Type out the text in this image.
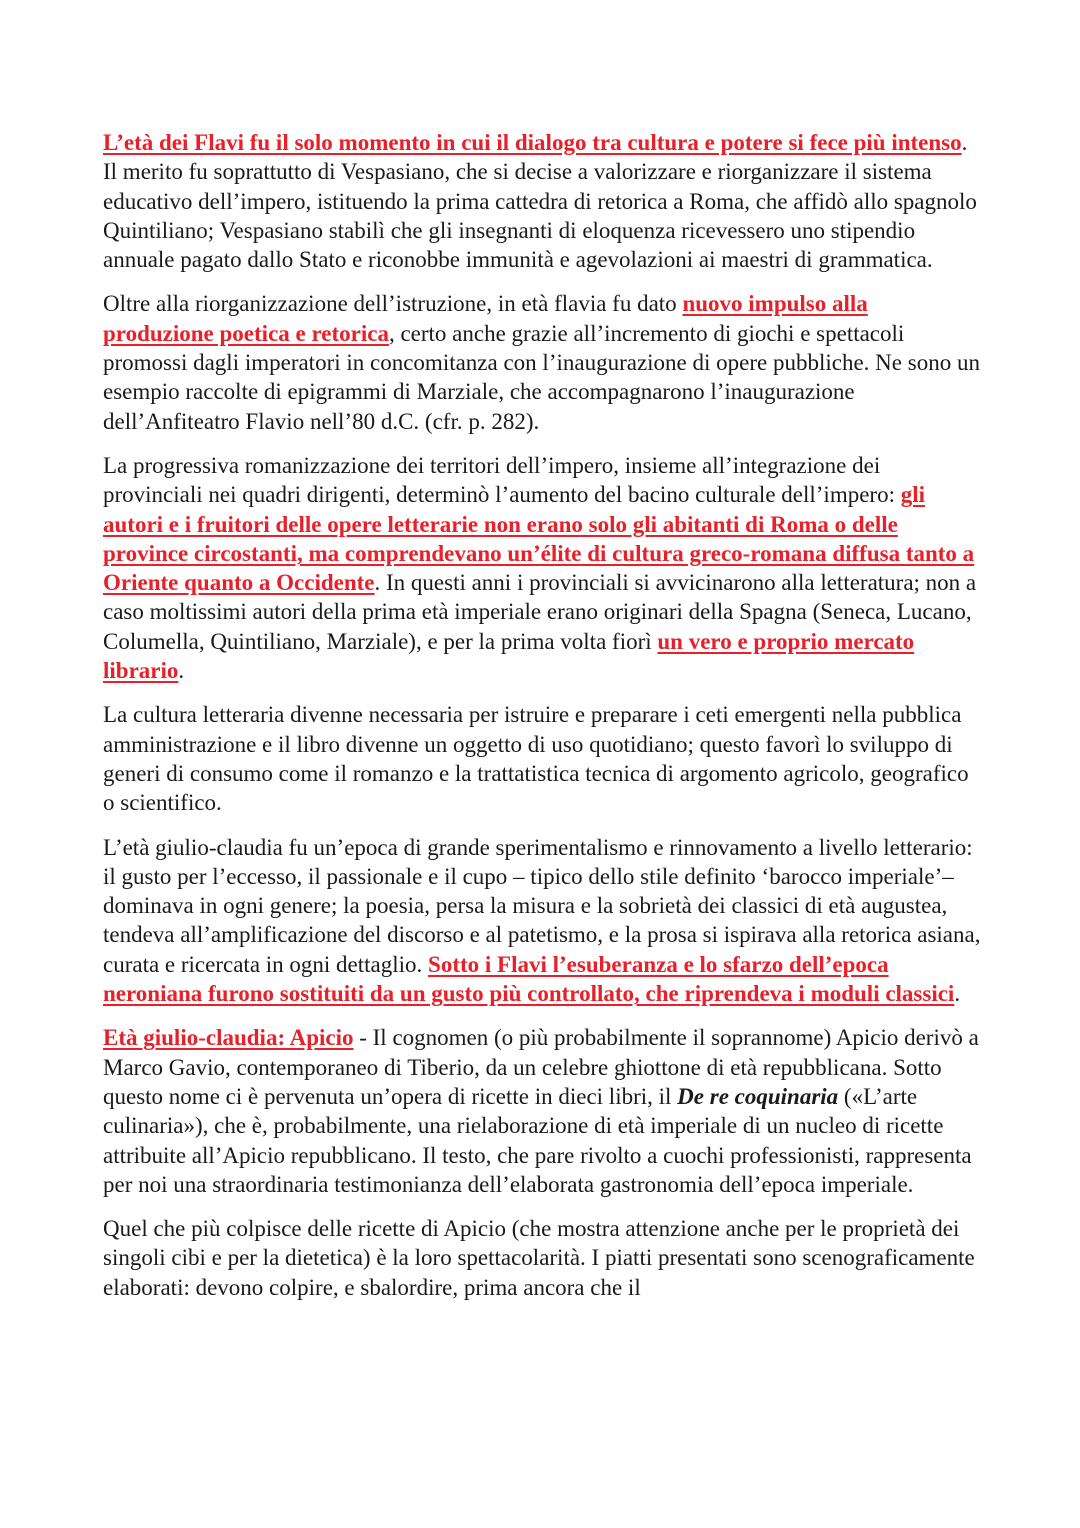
L’età dei Flavi fu il solo momento in cui il dialogo tra cultura e potere si fece più intenso. Il merito fu soprattutto di Vespasiano, che si decise a valorizzare e riorganizzare il sistema educativo dell’impero, istituendo la prima cattedra di retorica a Roma, che affidò allo spagnolo Quintiliano; Vespasiano stabilì che gli insegnanti di eloquenza ricevessero uno stipendio annuale pagato dallo Stato e riconobbe immunità e agevolazioni ai maestri di grammatica.

Oltre alla riorganizzazione dell’istruzione, in età flavia fu dato nuovo impulso alla produzione poetica e retorica, certo anche grazie all’incremento di giochi e spettacoli promossi dagli imperatori in concomitanza con l’inaugurazione di opere pubbliche. Ne sono un esempio raccolte di epigrammi di Marziale, che accompagnarono l’inaugurazione dell’Anfiteatro Flavio nell’80 d.C. (cfr. p. 282).

La progressiva romanizzazione dei territori dell’impero, insieme all’integrazione dei provinciali nei quadri dirigenti, determinò l’aumento del bacino culturale dell’impero: gli autori e i fruitori delle opere letterarie non erano solo gli abitanti di Roma o delle province circostanti, ma comprendevano un’élite di cultura greco-romana diffusa tanto a Oriente quanto a Occidente. In questi anni i provinciali si avvicinarono alla letteratura; non a caso moltissimi autori della prima età imperiale erano originari della Spagna (Seneca, Lucano, Columella, Quintiliano, Marziale), e per la prima volta fiorì un vero e proprio mercato librario.

La cultura letteraria divenne necessaria per istruire e preparare i ceti emergenti nella pubblica amministrazione e il libro divenne un oggetto di uso quotidiano; questo favorì lo sviluppo di generi di consumo come il romanzo e la trattatistica tecnica di argomento agricolo, geografico o scientifico.

L’età giulio-claudia fu un’epoca di grande sperimentalismo e rinnovamento a livello letterario: il gusto per l’eccesso, il passionale e il cupo – tipico dello stile definito ‘barocco imperiale’– dominava in ogni genere; la poesia, persa la misura e la sobrietà dei classici di età augustea, tendeva all’amplificazione del discorso e al patetismo, e la prosa si ispirava alla retorica asiana, curata e ricercata in ogni dettaglio. Sotto i Flavi l’esuberanza e lo sfarzo dell’epoca neroniana furono sostituiti da un gusto più controllato, che riprendeva i moduli classici.

Età giulio-claudia: Apicio - Il cognomen (o più probabilmente il soprannome) Apicio derivò a Marco Gavio, contemporaneo di Tiberio, da un celebre ghiottone di età repubblicana. Sotto questo nome ci è pervenuta un’opera di ricette in dieci libri, il De re coquinaria («L’arte culinaria»), che è, probabilmente, una rielaborazione di età imperiale di un nucleo di ricette attribuite all’Apicio repubblicano. Il testo, che pare rivolto a cuochi professionisti, rappresenta per noi una straordinaria testimonianza dell’elaborata gastronomia dell’epoca imperiale.

Quel che più colpisce delle ricette di Apicio (che mostra attenzione anche per le proprietà dei singoli cibi e per la dietetica) è la loro spettacolarità. I piatti presentati sono scenograficamente elaborati: devono colpire, e sbalordire, prima ancora che il
